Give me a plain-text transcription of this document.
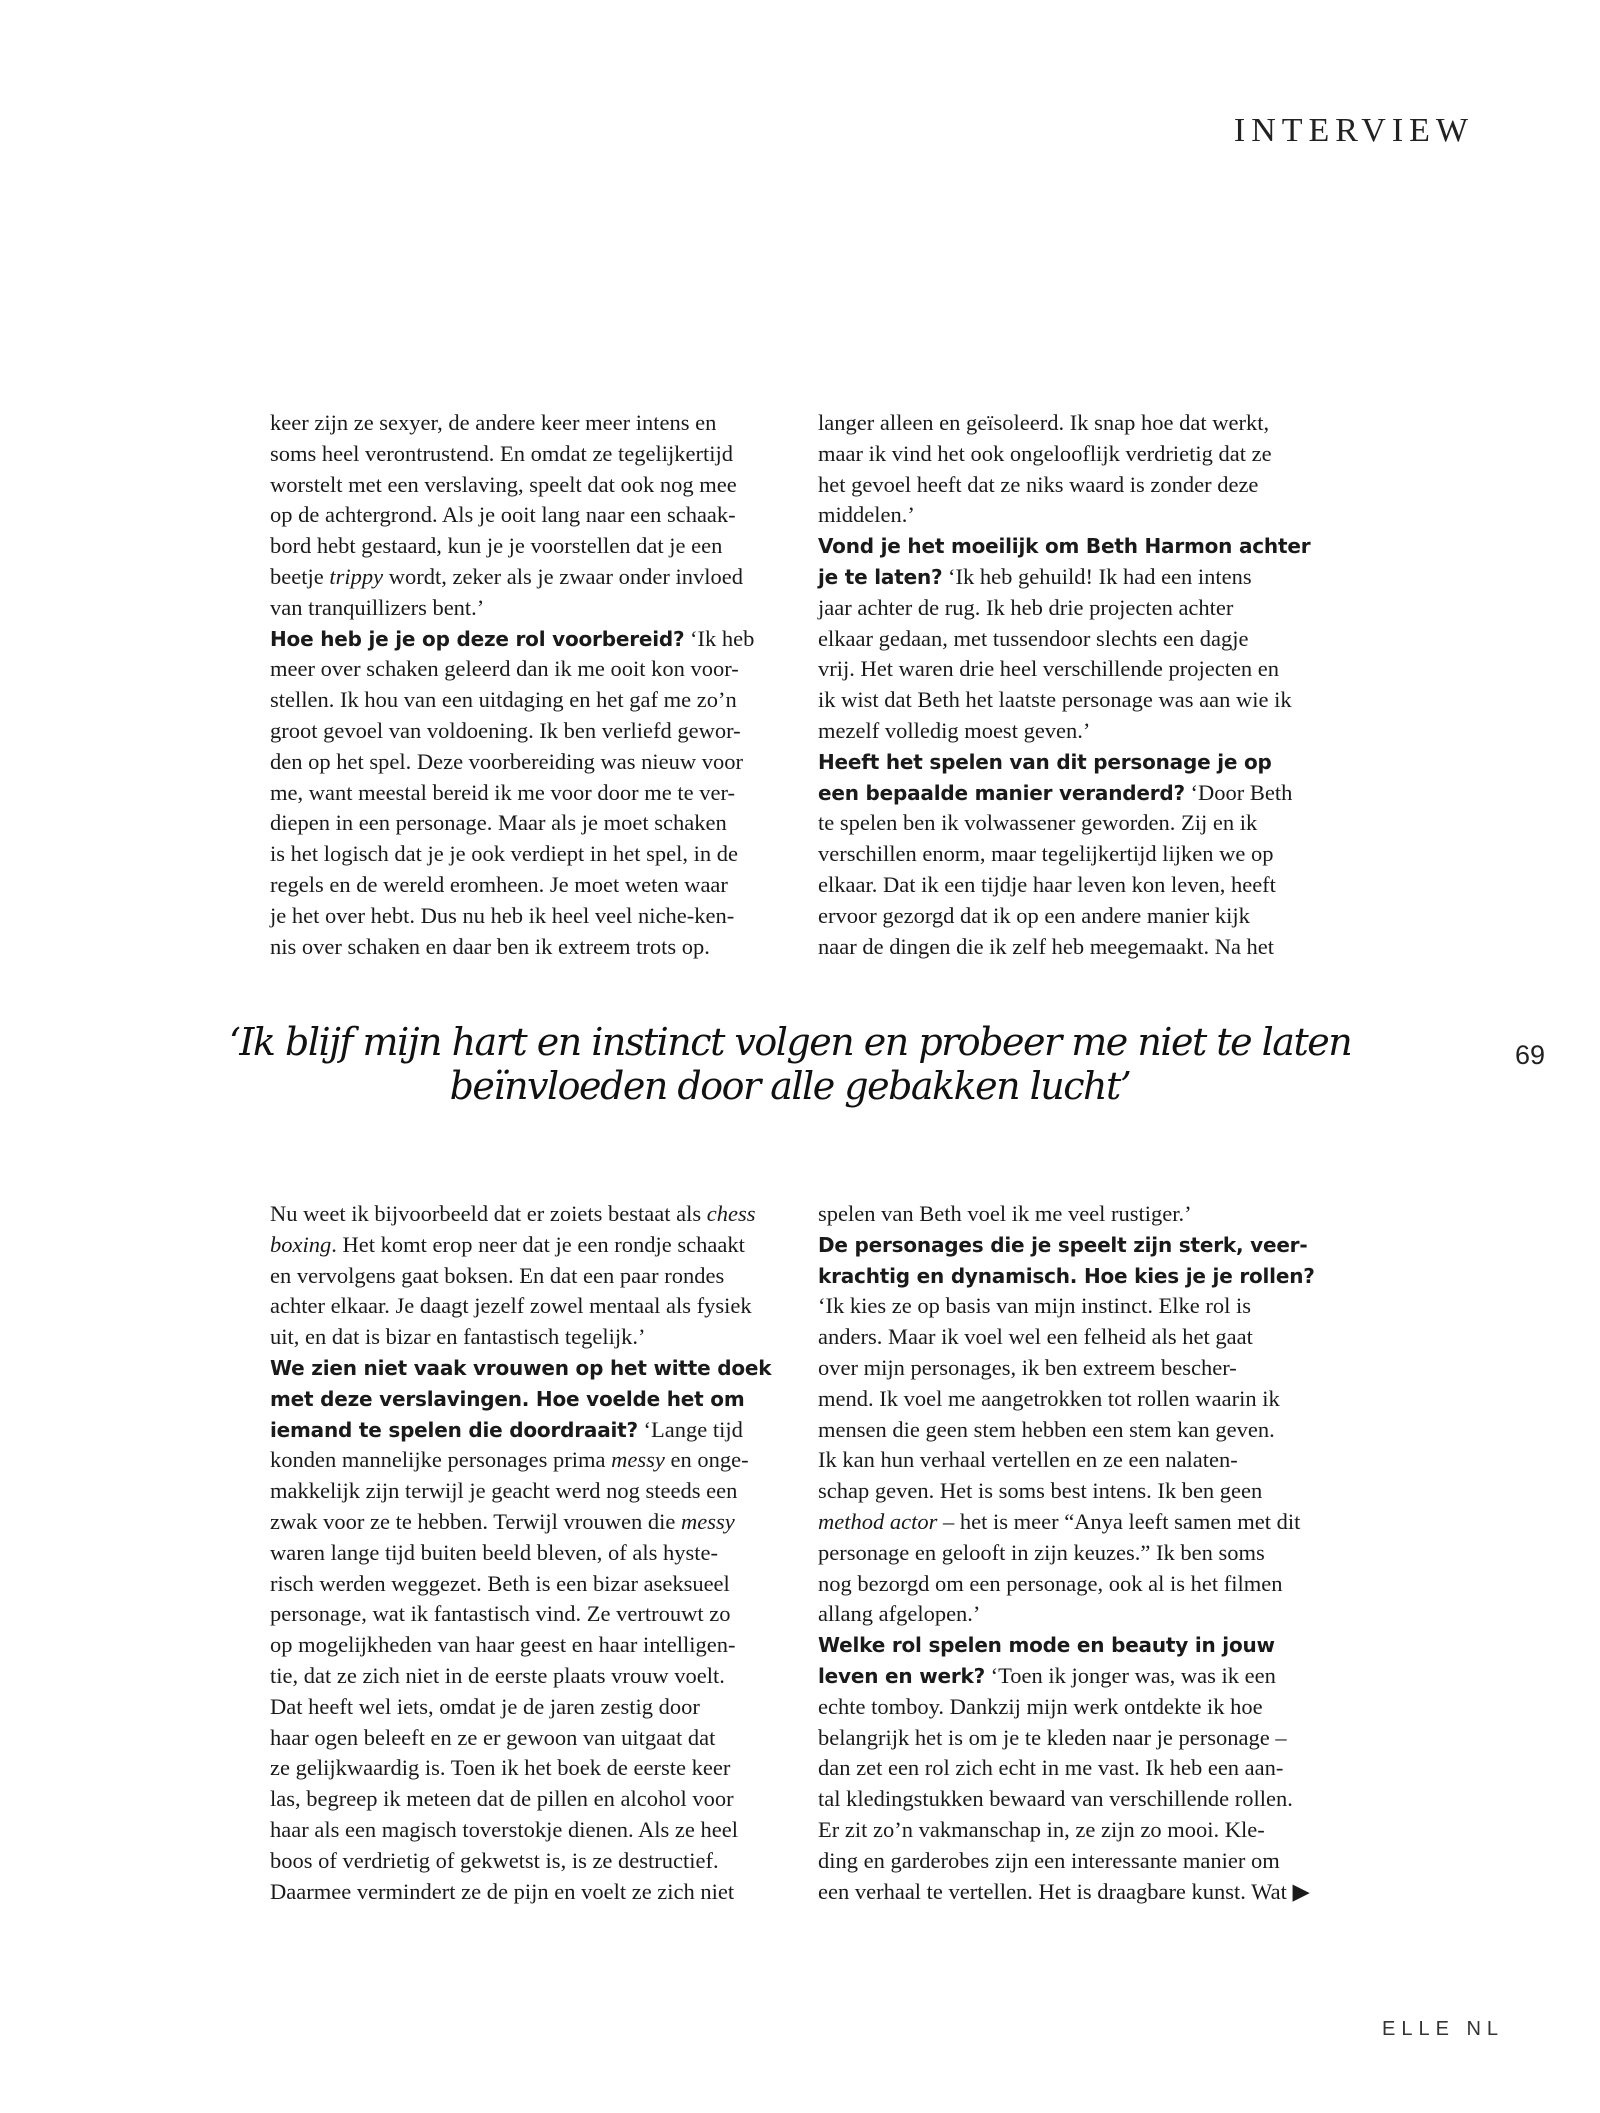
INTERVIEW
keer zijn ze sexyer, de andere keer meer intens en
soms heel verontrustend. En omdat ze tegelijkertijd
worstelt met een verslaving, speelt dat ook nog mee
op de achtergrond. Als je ooit lang naar een schaak-
bord hebt gestaard, kun je je voorstellen dat je een
beetje trippy wordt, zeker als je zwaar onder invloed
van tranquillizers bent.’
Hoe heb je je op deze rol voorbereid? ‘Ik heb
meer over schaken geleerd dan ik me ooit kon voor-
stellen. Ik hou van een uitdaging en het gaf me zo’n
groot gevoel van voldoening. Ik ben verliefd gewor-
den op het spel. Deze voorbereiding was nieuw voor
me, want meestal bereid ik me voor door me te ver-
diepen in een personage. Maar als je moet schaken
is het logisch dat je je ook verdiept in het spel, in de
regels en de wereld eromheen. Je moet weten waar
je het over hebt. Dus nu heb ik heel veel niche-ken-
nis over schaken en daar ben ik extreem trots op.
langer alleen en geïsoleerd. Ik snap hoe dat werkt,
maar ik vind het ook ongelooflijk verdrietig dat ze
het gevoel heeft dat ze niks waard is zonder deze
middelen.’
Vond je het moeilijk om Beth Harmon achter
je te laten? ‘Ik heb gehuild! Ik had een intens
jaar achter de rug. Ik heb drie projecten achter
elkaar gedaan, met tussendoor slechts een dagje
vrij. Het waren drie heel verschillende projecten en
ik wist dat Beth het laatste personage was aan wie ik
mezelf volledig moest geven.’
Heeft het spelen van dit personage je op
een bepaalde manier veranderd? ‘Door Beth
te spelen ben ik volwassener geworden. Zij en ik
verschillen enorm, maar tegelijkertijd lijken we op
elkaar. Dat ik een tijdje haar leven kon leven, heeft
ervoor gezorgd dat ik op een andere manier kijk
naar de dingen die ik zelf heb meegemaakt. Na het
‘Ik blijf mijn hart en instinct volgen en probeer me niet te laten
beïnvloeden door alle gebakken lucht’
69
Nu weet ik bijvoorbeeld dat er zoiets bestaat als chess
boxing. Het komt erop neer dat je een rondje schaakt
en vervolgens gaat boksen. En dat een paar rondes
achter elkaar. Je daagt jezelf zowel mentaal als fysiek
uit, en dat is bizar en fantastisch tegelijk.’
We zien niet vaak vrouwen op het witte doek
met deze verslavingen. Hoe voelde het om
iemand te spelen die doordraait? ‘Lange tijd
konden mannelijke personages prima messy en onge-
makkelijk zijn terwijl je geacht werd nog steeds een
zwak voor ze te hebben. Terwijl vrouwen die messy
waren lange tijd buiten beeld bleven, of als hyste-
risch werden weggezet. Beth is een bizar aseksueel
personage, wat ik fantastisch vind. Ze vertrouwt zo
op mogelijkheden van haar geest en haar intelligen-
tie, dat ze zich niet in de eerste plaats vrouw voelt.
Dat heeft wel iets, omdat je de jaren zestig door
haar ogen beleeft en ze er gewoon van uitgaat dat
ze gelijkwaardig is. Toen ik het boek de eerste keer
las, begreep ik meteen dat de pillen en alcohol voor
haar als een magisch toverstokje dienen. Als ze heel
boos of verdrietig of gekwetst is, is ze destructief.
Daarmee vermindert ze de pijn en voelt ze zich niet
spelen van Beth voel ik me veel rustiger.’
De personages die je speelt zijn sterk, veer-
krachtig en dynamisch. Hoe kies je je rollen?
‘Ik kies ze op basis van mijn instinct. Elke rol is
anders. Maar ik voel wel een felheid als het gaat
over mijn personages, ik ben extreem bescher-
mend. Ik voel me aangetrokken tot rollen waarin ik
mensen die geen stem hebben een stem kan geven.
Ik kan hun verhaal vertellen en ze een nalaten-
schap geven. Het is soms best intens. Ik ben geen
method actor – het is meer “Anya leeft samen met dit
personage en gelooft in zijn keuzes.” Ik ben soms
nog bezorgd om een personage, ook al is het filmen
allang afgelopen.’
Welke rol spelen mode en beauty in jouw
leven en werk? ‘Toen ik jonger was, was ik een
echte tomboy. Dankzij mijn werk ontdekte ik hoe
belangrijk het is om je te kleden naar je personage –
dan zet een rol zich echt in me vast. Ik heb een aan-
tal kledingstukken bewaard van verschillende rollen.
Er zit zo’n vakmanschap in, ze zijn zo mooi. Kle-
ding en garderobes zijn een interessante manier om
een verhaal te vertellen. Het is draagbare kunst. Wat ▶
ELLE NL
